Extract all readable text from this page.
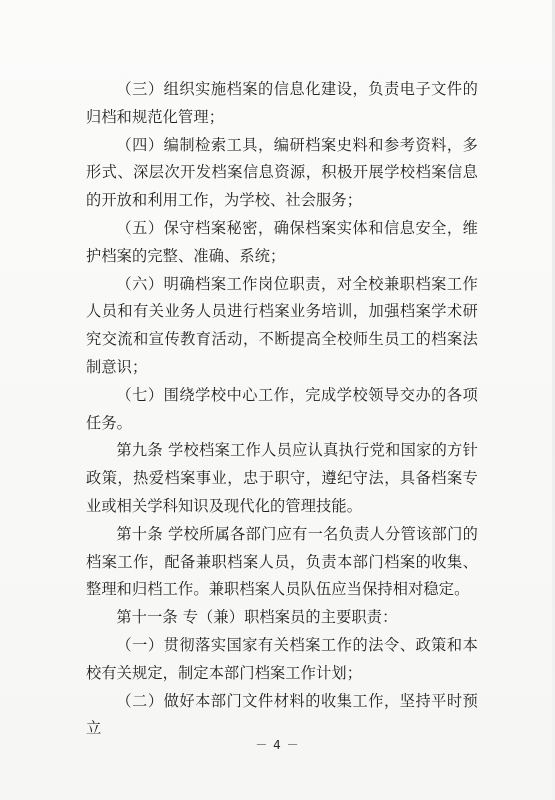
（三）组织实施档案的信息化建设，负责电子文件的归档和规范化管理；

（四）编制检索工具，编研档案史料和参考资料，多形式、深层次开发档案信息资源，积极开展学校档案信息的开放和利用工作，为学校、社会服务；

（五）保守档案秘密，确保档案实体和信息安全，维护档案的完整、准确、系统；

（六）明确档案工作岗位职责，对全校兼职档案工作人员和有关业务人员进行档案业务培训，加强档案学术研究交流和宣传教育活动，不断提高全校师生员工的档案法制意识；

（七）围绕学校中心工作，完成学校领导交办的各项任务。

第九条 学校档案工作人员应认真执行党和国家的方针政策，热爱档案事业，忠于职守，遵纪守法，具备档案专业或相关学科知识及现代化的管理技能。

第十条 学校所属各部门应有一名负责人分管该部门的档案工作，配备兼职档案人员，负责本部门档案的收集、整理和归档工作。兼职档案人员队伍应当保持相对稳定。

第十一条 专（兼）职档案员的主要职责：

（一）贯彻落实国家有关档案工作的法令、政策和本校有关规定，制定本部门档案工作计划；

（二）做好本部门文件材料的收集工作，坚持平时预立

－ 4 －
